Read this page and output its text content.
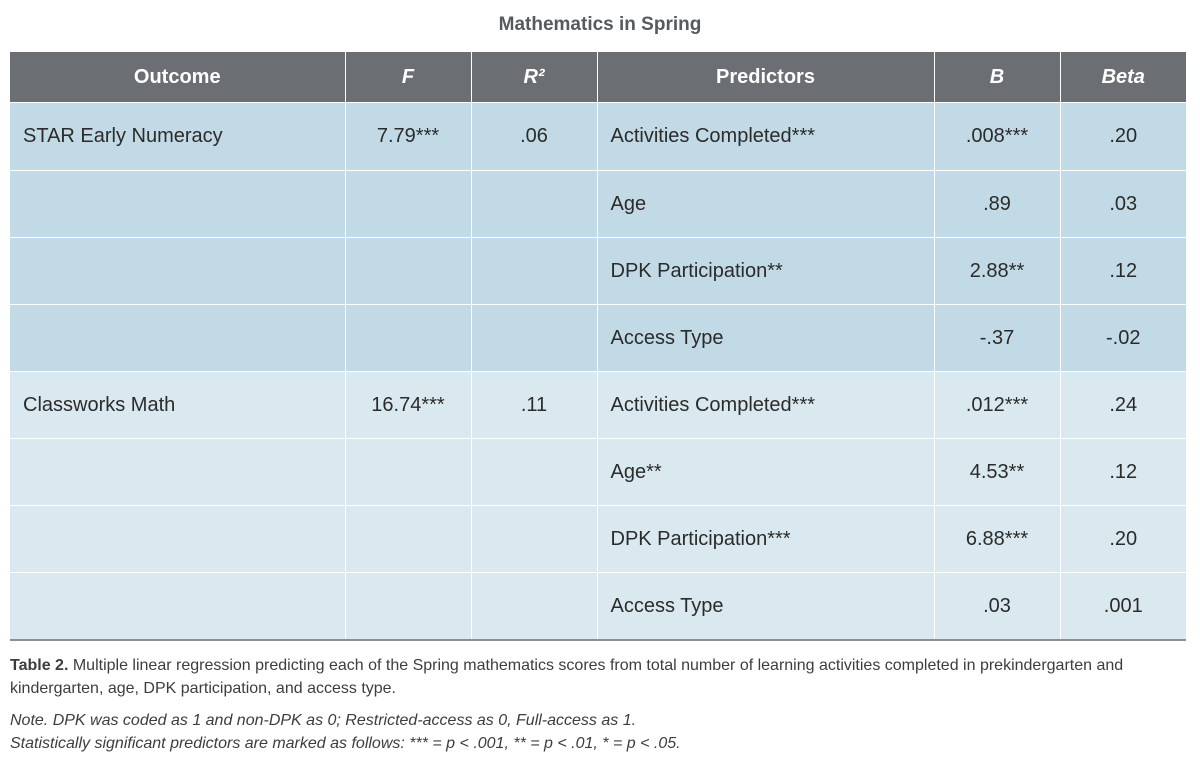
Mathematics in Spring
Outcome	F	R²	Predictors	B	Beta
STAR Early Numeracy	7.79***	.06	Activities Completed***	.008***	.20
			Age	.89	.03
			DPK Participation**	2.88**	.12
			Access Type	-.37	-.02
Classworks Math	16.74***	.11	Activities Completed***	.012***	.24
			Age**	4.53**	.12
			DPK Participation***	6.88***	.20
			Access Type	.03	.001
Table 2. Multiple linear regression predicting each of the Spring mathematics scores from total number of learning activities completed in prekindergarten and kindergarten, age, DPK participation, and access type.
Note. DPK was coded as 1 and non-DPK as 0; Restricted-access as 0, Full-access as 1.
Statistically significant predictors are marked as follows: *** = p < .001, ** = p < .01, * = p < .05.
